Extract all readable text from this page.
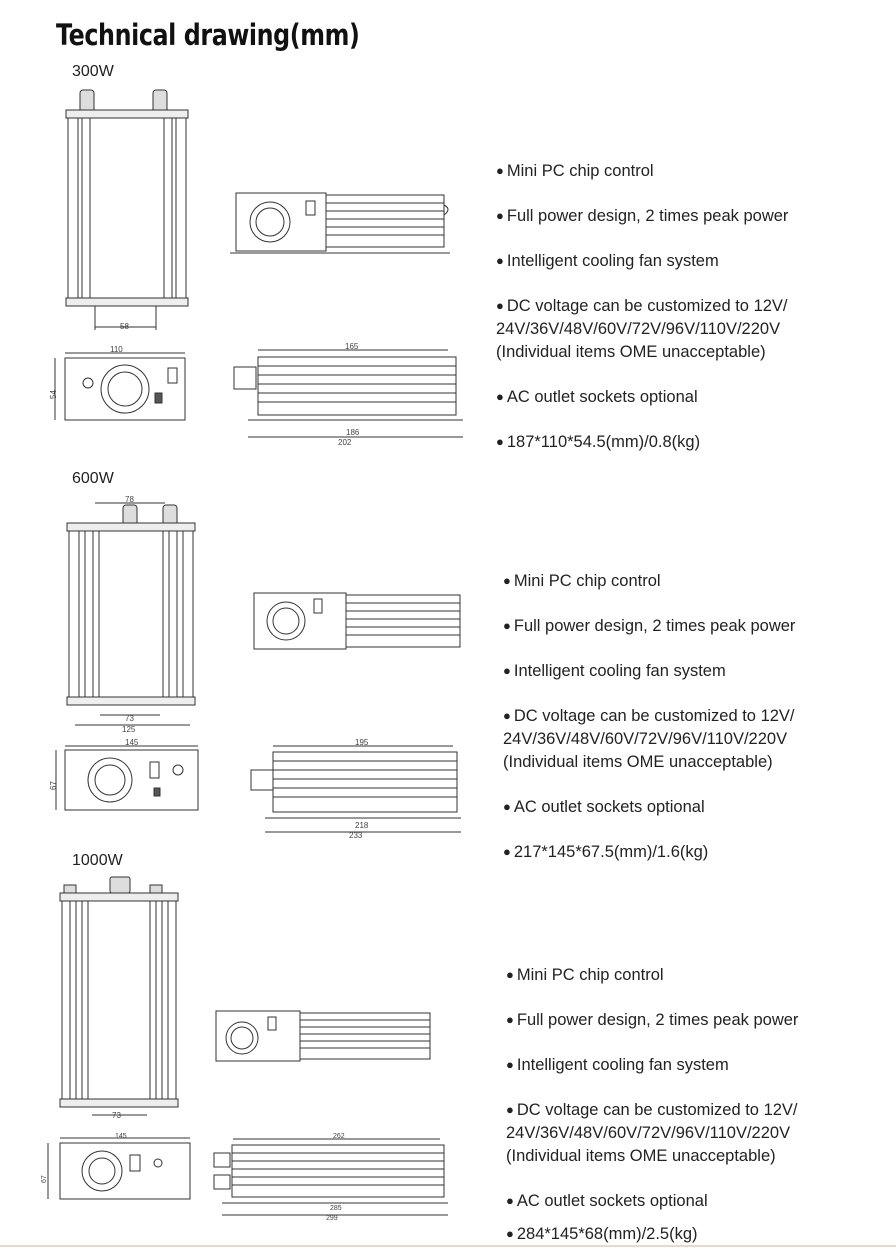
Technical drawing(mm)
300W
58
110
54
165
186
202
● Mini PC chip control
● Full power design, 2 times peak power
● Intelligent cooling fan system
● DC voltage can be customized to 12V/
24V/36V/48V/60V/72V/96V/110V/220V
(Individual items OME unacceptable)
● AC outlet sockets optional
● 187*110*54.5(mm)/0.8(kg)
600W
78
73
125
145
67
195
218
233
● Mini PC chip control
● Full power design, 2 times peak power
● Intelligent cooling fan system
● DC voltage can be customized to 12V/
24V/36V/48V/60V/72V/96V/110V/220V
(Individual items OME unacceptable)
● AC outlet sockets optional
● 217*145*67.5(mm)/1.6(kg)
1000W
73
145
67
262
285
299
● Mini PC chip control
● Full power design, 2 times peak power
● Intelligent cooling fan system
● DC voltage can be customized to 12V/
24V/36V/48V/60V/72V/96V/110V/220V
(Individual items OME unacceptable)
● AC outlet sockets optional
● 284*145*68(mm)/2.5(kg)
